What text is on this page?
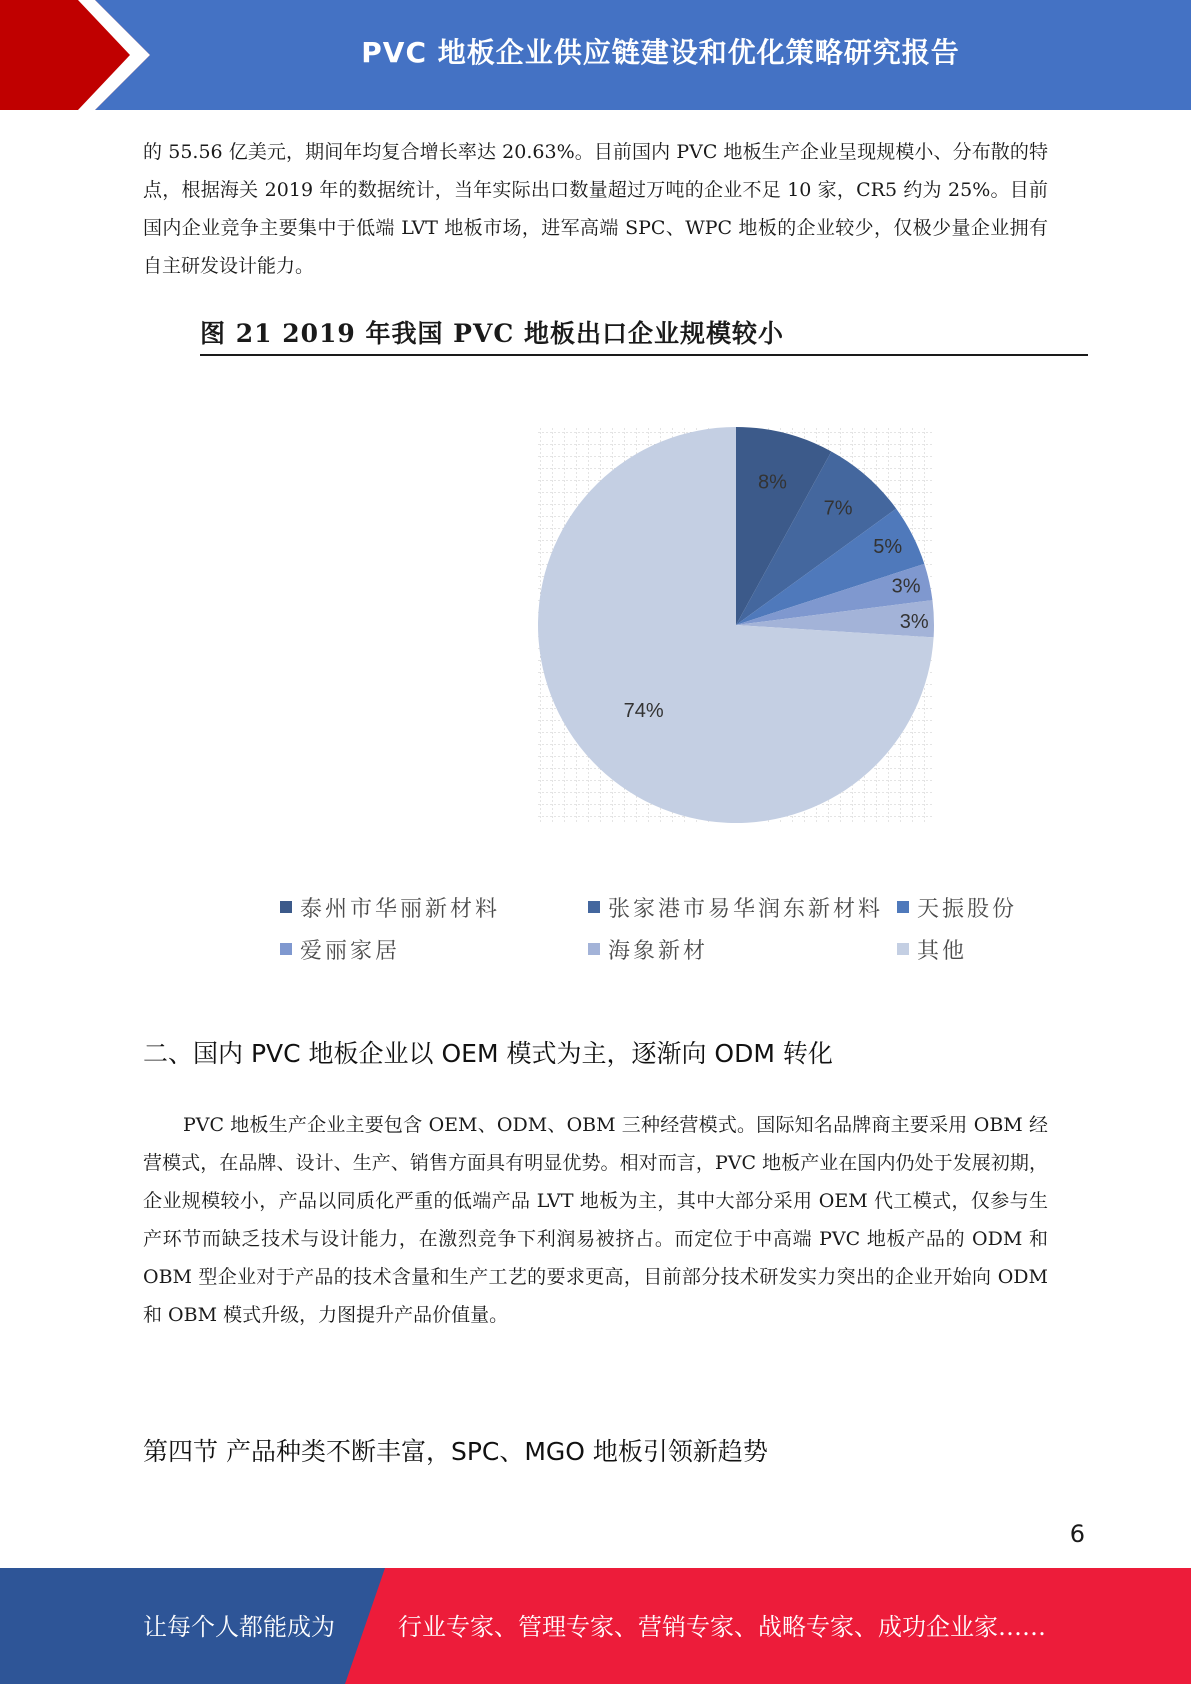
PVC 地板企业供应链建设和优化策略研究报告

的 55.56 亿美元，期间年均复合增长率达 20.63%。目前国内 PVC 地板生产企业呈现规模小、分布散的特点，根据海关 2019 年的数据统计，当年实际出口数量超过万吨的企业不足 10 家，CR5 约为 25%。目前国内企业竞争主要集中于低端 LVT 地板市场，进军高端 SPC、WPC 地板的企业较少，仅极少量企业拥有自主研发设计能力。

图 21 2019 年我国 PVC 地板出口企业规模较小
8%
7%
5%
3%
3%
74%
泰州市华丽新材料	张家港市易华润东新材料 天振股份
爱丽家居	海象新材	其他
二、国内 PVC 地板企业以 OEM 模式为主，逐渐向 ODM 转化

PVC 地板生产企业主要包含 OEM、ODM、OBM 三种经营模式。国际知名品牌商主要采用 OBM 经营模式，在品牌、设计、生产、销售方面具有明显优势。相对而言，PVC 地板产业在国内仍处于发展初期，企业规模较小，产品以同质化严重的低端产品 LVT 地板为主，其中大部分采用 OEM 代工模式，仅参与生产环节而缺乏技术与设计能力，在激烈竞争下利润易被挤占。而定位于中高端 PVC 地板产品的 ODM 和 OBM 型企业对于产品的技术含量和生产工艺的要求更高，目前部分技术研发实力突出的企业开始向 ODM 和 OBM 模式升级，力图提升产品价值量。

第四节 产品种类不断丰富，SPC、MGO 地板引领新趋势
6
让每个人都能成为	行业专家、管理专家、营销专家、战略专家、成功企业家……
